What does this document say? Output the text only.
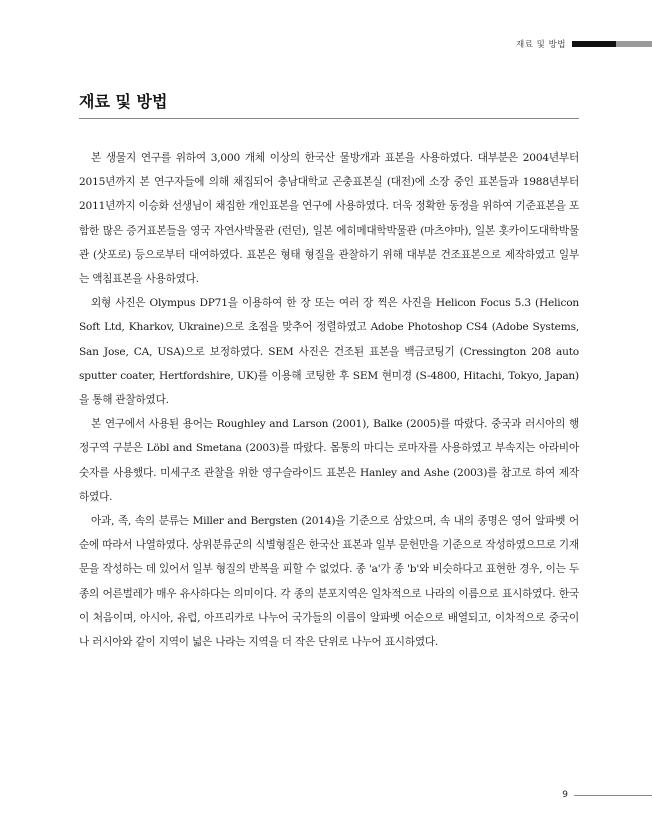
재료 및 방법
재료 및 방법

본 생물지 연구를 위하여 3,000 개체 이상의 한국산 물방개과 표본을 사용하였다. 대부분은 2004년부터 2015년까지 본 연구자들에 의해 채집되어 충남대학교 곤충표본실 (대전)에 소장 중인 표본들과 1988년부터 2011년까지 이승화 선생님이 채집한 개인표본을 연구에 사용하였다. 더욱 정확한 동정을 위하여 기준표본을 포함한 많은 증거표본들을 영국 자연사박물관 (런던), 일본 에히메대학박물관 (마츠야마), 일본 홋카이도대학박물관 (삿포로) 등으로부터 대여하였다. 표본은 형태 형질을 관찰하기 위해 대부분 건조표본으로 제작하였고 일부는 액침표본을 사용하였다.

외형 사진은 Olympus DP71을 이용하여 한 장 또는 여러 장 찍은 사진을 Helicon Focus 5.3 (Helicon Soft Ltd, Kharkov, Ukraine)으로 초점을 맞추어 정렬하였고 Adobe Photoshop CS4 (Adobe Systems, San Jose, CA, USA)으로 보정하였다. SEM 사진은 건조된 표본을 백금코팅기 (Cressington 208 auto sputter coater, Hertfordshire, UK)를 이용해 코팅한 후 SEM 현미경 (S-4800, Hitachi, Tokyo, Japan)을 통해 관찰하였다.

본 연구에서 사용된 용어는 Roughley and Larson (2001), Balke (2005)를 따랐다. 중국과 러시아의 행정구역 구분은 Löbl and Smetana (2003)를 따랐다. 몸통의 마디는 로마자를 사용하였고 부속지는 아라비아 숫자를 사용했다. 미세구조 관찰을 위한 영구슬라이드 표본은 Hanley and Ashe (2003)를 참고로 하여 제작하였다.

아과, 족, 속의 분류는 Miller and Bergsten (2014)을 기준으로 삼았으며, 속 내의 종명은 영어 알파벳 어순에 따라서 나열하였다. 상위분류군의 식별형질은 한국산 표본과 일부 문헌만을 기준으로 작성하였으므로 기재문을 작성하는 데 있어서 일부 형질의 반복을 피할 수 없었다. 종 'a'가 종 'b'와 비슷하다고 표현한 경우, 이는 두 종의 어른벌레가 매우 유사하다는 의미이다. 각 종의 분포지역은 일차적으로 나라의 이름으로 표시하였다. 한국이 처음이며, 아시아, 유럽, 아프리카로 나누어 국가들의 이름이 알파벳 어순으로 배열되고, 이차적으로 중국이나 러시아와 같이 지역이 넓은 나라는 지역을 더 작은 단위로 나누어 표시하였다.

9
